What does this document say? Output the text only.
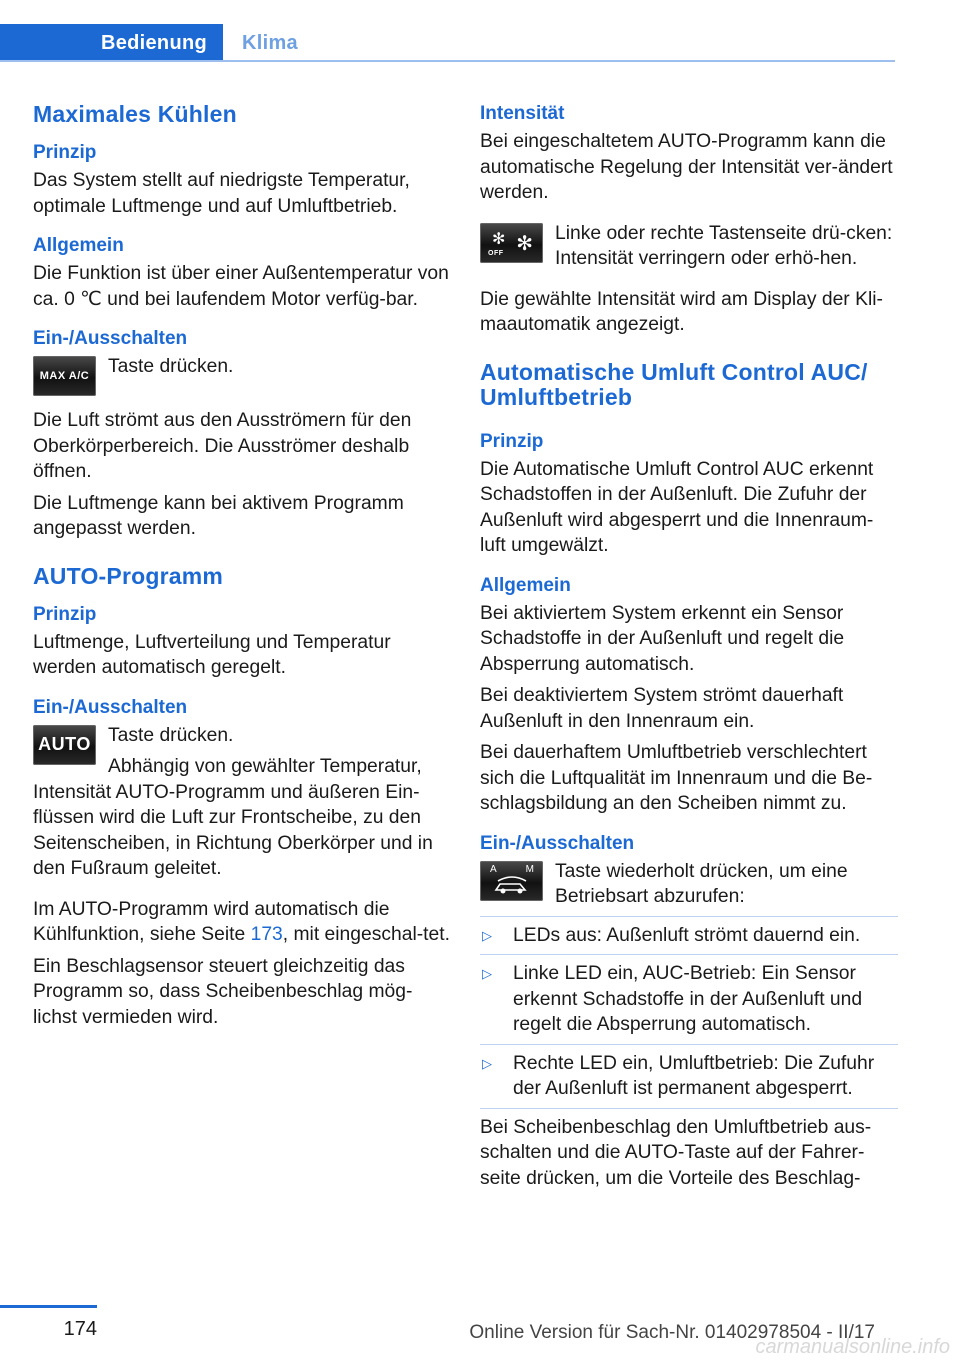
Bedienung	Klima
Maximales Kühlen
Prinzip

Das System stellt auf niedrigste Temperatur, optimale Luftmenge und auf Umluftbetrieb.

Allgemein

Die Funktion ist über einer Außentemperatur von ca. 0 ℃ und bei laufendem Motor verfüg‐bar.

Ein-/Ausschalten
MAX A/C Taste drücken.

Die Luft strömt aus den Ausströmern für den Oberkörperbereich. Die Ausströmer deshalb öffnen.

Die Luftmenge kann bei aktivem Programm angepasst werden.

AUTO-Programm
Prinzip

Luftmenge, Luftverteilung und Temperatur werden automatisch geregelt.

Ein-/Ausschalten
AUTO Taste drücken.

Abhängig von gewählter Temperatur, Intensität AUTO-Programm und äußeren Ein‐flüssen wird die Luft zur Frontscheibe, zu den Seitenscheiben, in Richtung Oberkörper und in den Fußraum geleitet.

Im AUTO-Programm wird automatisch die Kühlfunktion, siehe Seite 173, mit eingeschal‐tet.

Ein Beschlagsensor steuert gleichzeitig das Programm so, dass Scheibenbeschlag mög‐lichst vermieden wird.

Intensität

Bei eingeschaltetem AUTO-Programm kann die automatische Regelung der Intensität ver‐ändert werden.

✻
OFF ✻	Linke oder rechte Tastenseite drü‐cken: Intensität verringern oder erhö‐hen.

Die gewählte Intensität wird am Display der Kli‐maautomatik angezeigt.

Automatische Umluft Control AUC/ Umluftbetrieb
Prinzip

Die Automatische Umluft Control AUC erkennt Schadstoffen in der Außenluft. Die Zufuhr der Außenluft wird abgesperrt und die Innenraum‐luft umgewälzt.

Allgemein

Bei aktiviertem System erkennt ein Sensor Schadstoffe in der Außenluft und regelt die Absperrung automatisch.

Bei deaktiviertem System strömt dauerhaft Außenluft in den Innenraum ein.

Bei dauerhaftem Umluftbetrieb verschlechtert sich die Luftqualität im Innenraum und die Be‐schlagsbildung an den Scheiben nimmt zu.

Ein-/Ausschalten
A	M	Taste wiederholt drücken, um eine Betriebsart abzurufen:

▷ LEDs aus: Außenluft strömt dauernd ein.
▷ Linke LED ein, AUC-Betrieb: Ein Sensor erkennt Schadstoffe in der Außenluft und regelt die Absperrung automatisch.
▷ Rechte LED ein, Umluftbetrieb: Die Zufuhr der Außenluft ist permanent abgesperrt.

Bei Scheibenbeschlag den Umluftbetrieb aus‐schalten und die AUTO-Taste auf der Fahrer‐seite drücken, um die Vorteile des Beschlag‐

174	Online Version für Sach-Nr. 01402978504 - II/17
carmanualsonline.info
